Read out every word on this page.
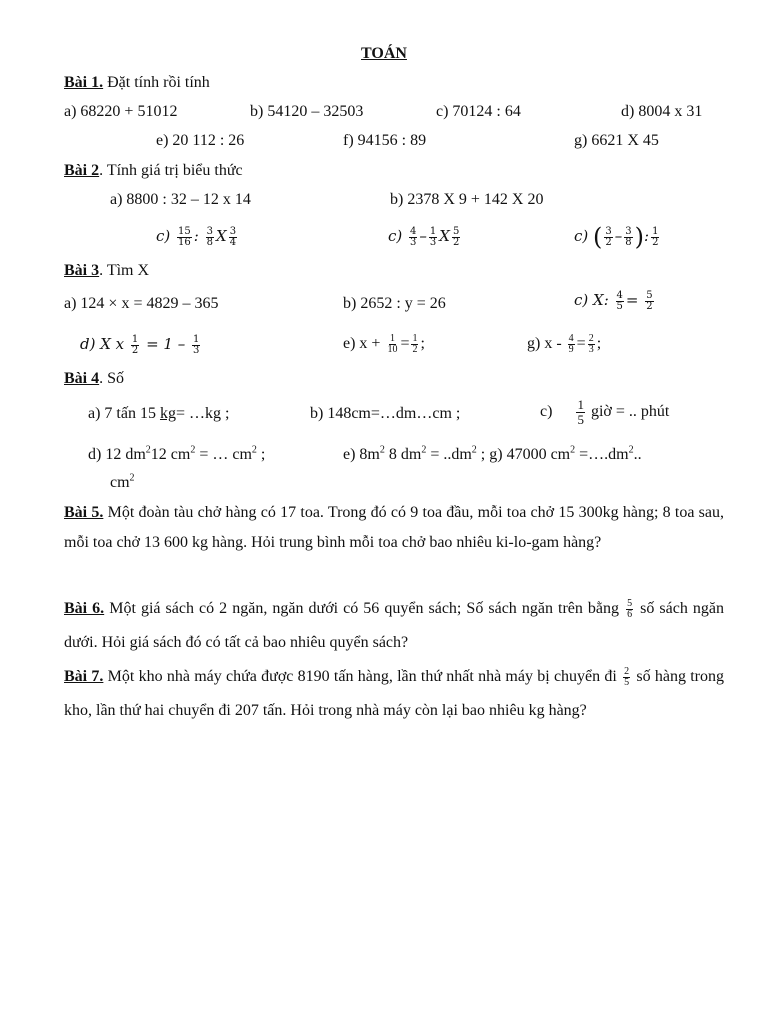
TOÁN
Bài 1. Đặt tính rồi tính
a) 68220 + 51012	b) 54120 – 32503	c) 70124 : 64	d) 8004 x 31
e) 20 112 : 26	f) 94156 : 89	g) 6621 X 45
Bài 2. Tính giá trị biểu thức
a) 8800 : 32 – 12 x 14	b) 2378 X 9 + 142 X 20
$c) \frac{15}{16}$ : $\frac{3}{8}$ X $\frac{3}{4}$	$c) \frac{4}{3} - \frac{1}{3}$ X $\frac{5}{2}$	c) ( $\frac{3}{2} - \frac{3}{8}$ ): $\frac{1}{2}$
Bài 3. Tìm X
a) 124 × x = 4829 – 365	b) 2652 : y = 26	c) X: $\frac{4}{5} = \frac{5}{2}$
d) X x $\frac{1}{2} = 1 - \frac{1}{3}$	e) $x + \frac{1}{10} = \frac{1}{2}$ ;	g) $x - \frac{4}{9} = \frac{2}{3}$ ;
Bài 4. Số
a) 7 tấn 15 kg= …kg ;	b) 148cm=…dm…cm ;	$c) \frac{1}{5}$ giờ = .. phút
d) 12 $dm^212$ $cm^2$ = … $cm^2$ ;	e) $8m^2$ 8 $dm^2 = ..dm^2$ ; g) 47000 $cm^2$ $=\dots.dm^2$..
$cm^2$
Bài 5. Một đoàn tàu chở hàng có 17 toa. Trong đó có 9 toa đầu, mỗi toa chở 15 300kg hàng; 8 toa sau, mỗi toa chở 13 600 kg hàng. Hỏi trung bình mỗi toa chở bao nhiêu ki-lo-gam hàng?
Bài 6. Một giá sách có 2 ngăn, ngăn dưới có 56 quyển sách; Số sách ngăn trên bằng $\frac{5}{6}$ số sách ngăn dưới. Hỏi giá sách đó có tất cả bao nhiêu quyển sách?
Bài 7. Một kho nhà máy chứa được 8190 tấn hàng, lần thứ nhất nhà máy bị chuyển đi $\frac{2}{5}$ số hàng trong kho, lần thứ hai chuyển đi 207 tấn. Hỏi trong nhà máy còn lại bao nhiêu kg hàng?
